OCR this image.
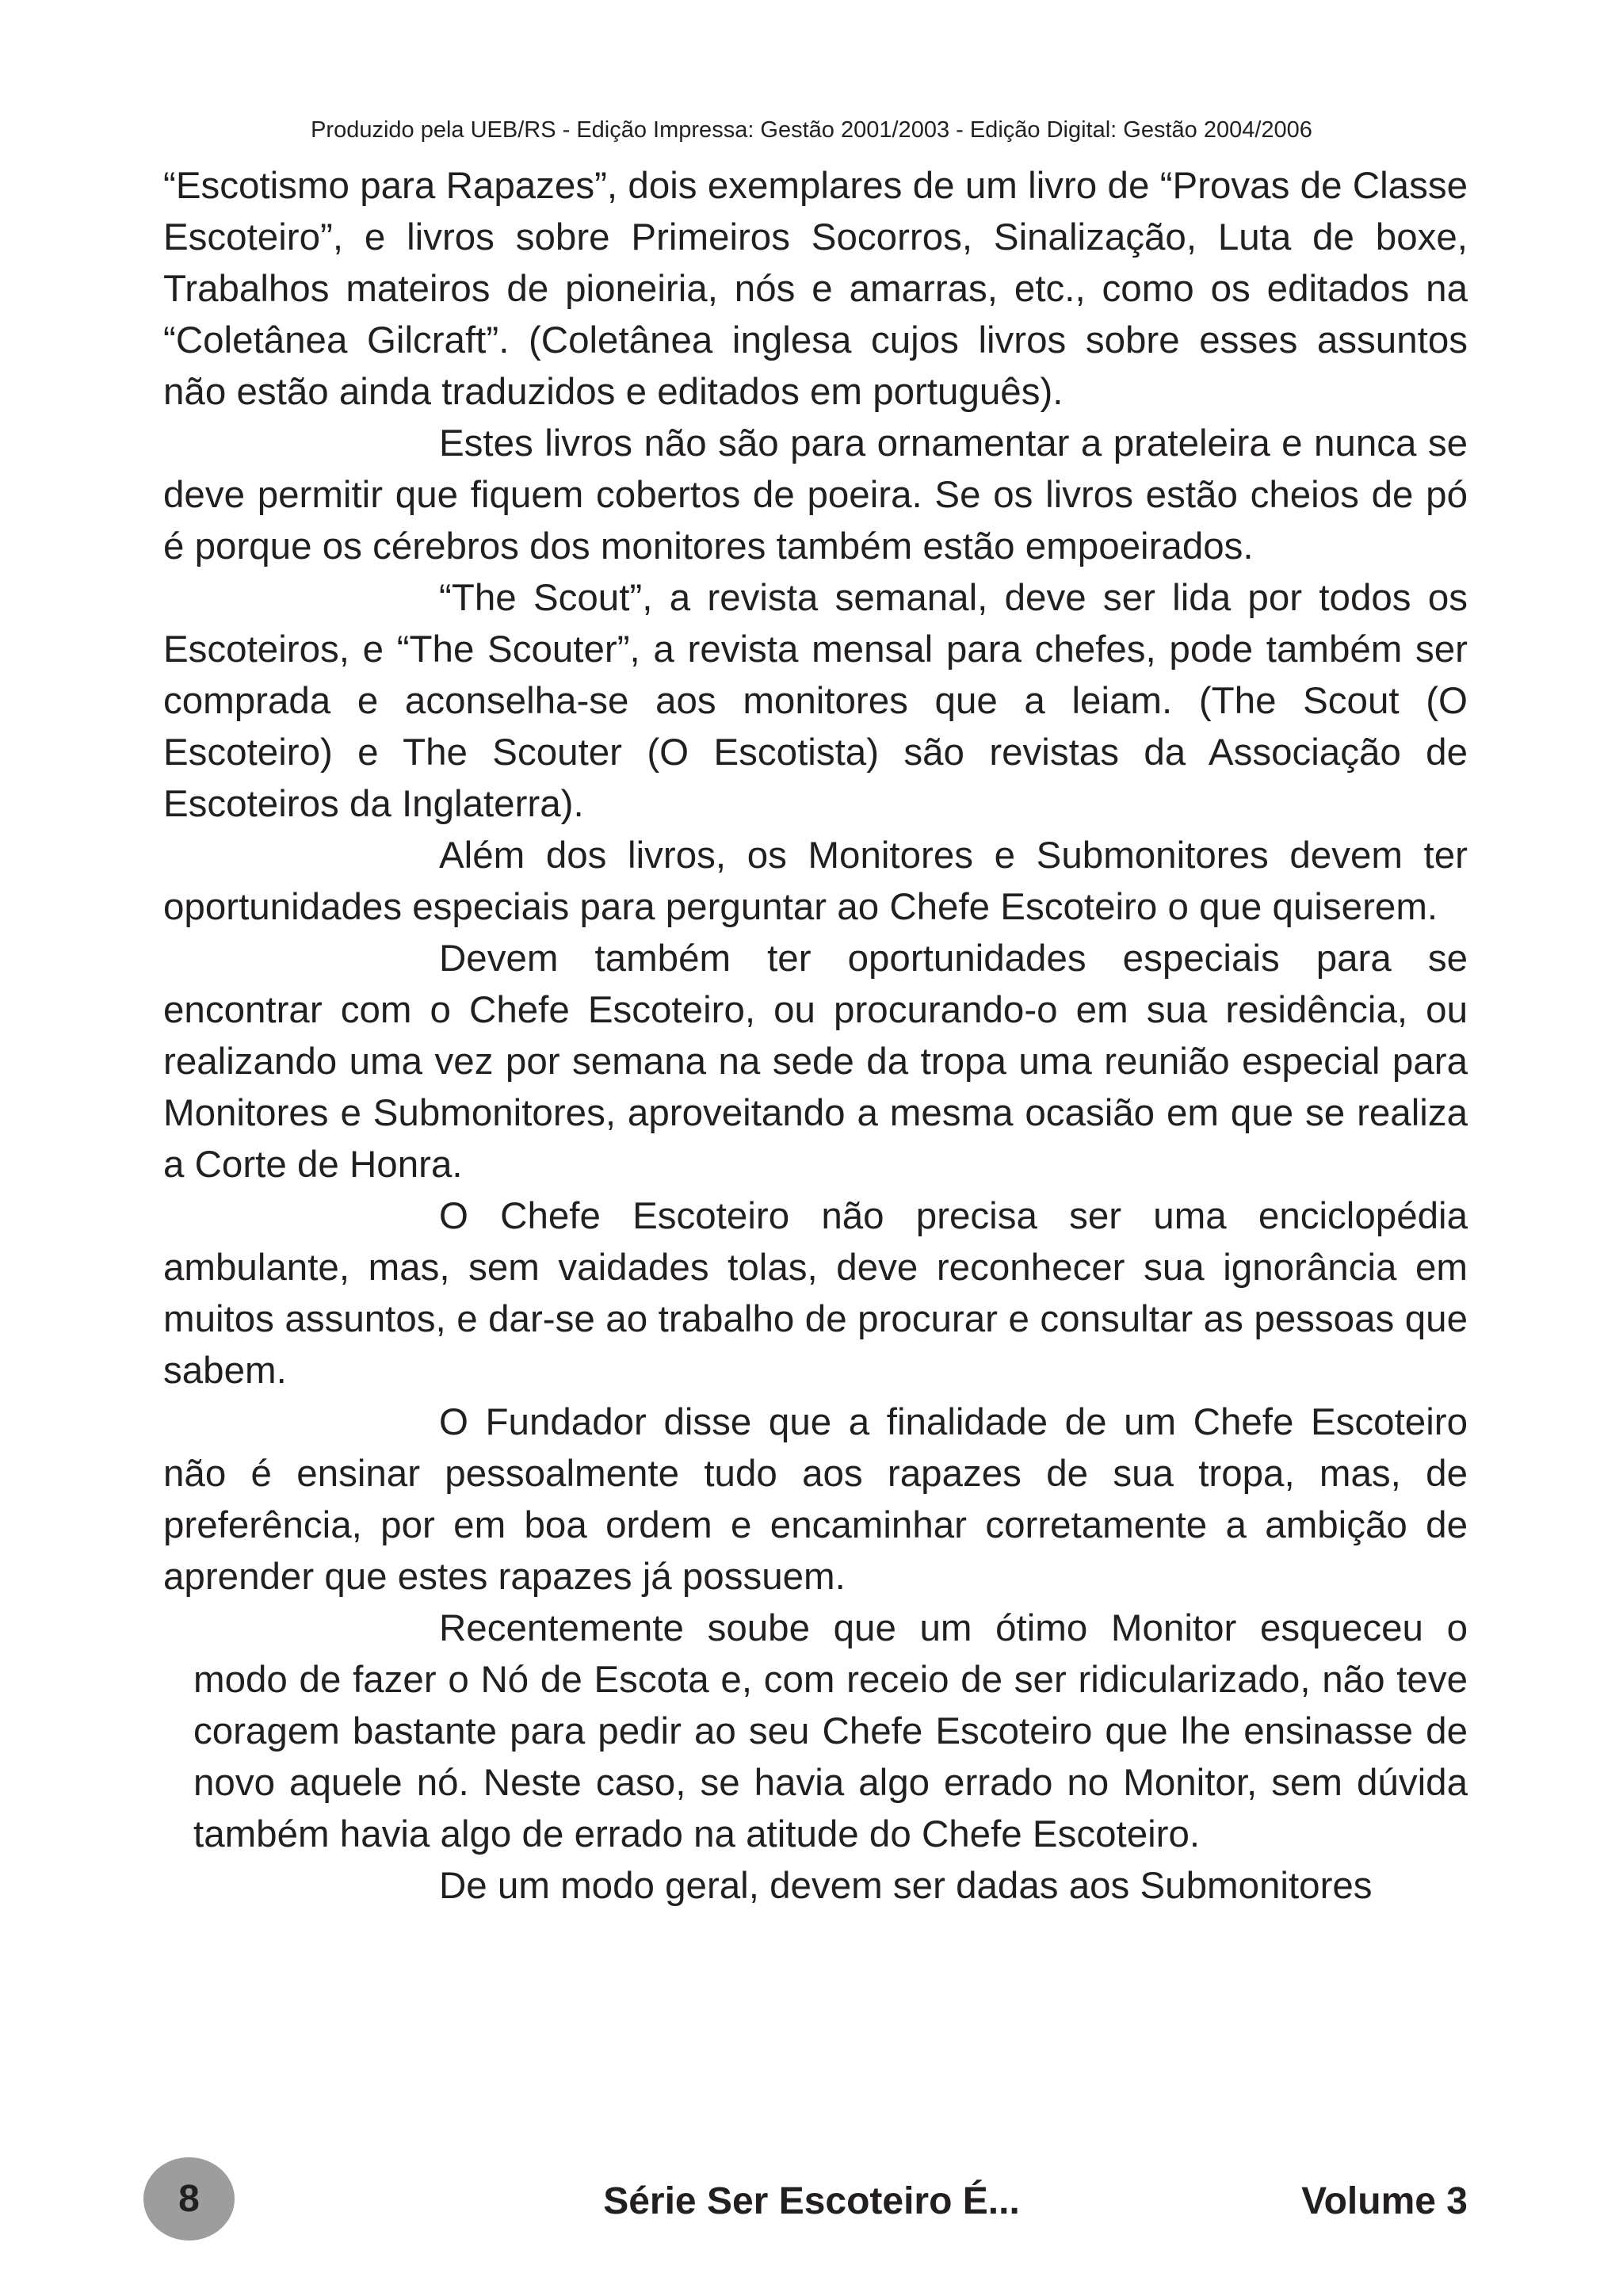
Produzido pela UEB/RS - Edição Impressa: Gestão 2001/2003 - Edição Digital: Gestão 2004/2006

“Escotismo para Rapazes”, dois exemplares de um livro de “Provas de Classe Escoteiro”, e livros sobre Primeiros Socorros, Sinalização, Luta de boxe, Trabalhos mateiros de pioneiria, nós e amarras, etc., como os editados na “Coletânea Gilcraft”. (Coletânea inglesa cujos livros sobre esses assuntos não estão ainda traduzidos e editados em português).

Estes livros não são para ornamentar a prateleira e nunca se deve permitir que fiquem cobertos de poeira. Se os livros estão cheios de pó é porque os cérebros dos monitores também estão empoeirados.

“The Scout”, a revista semanal, deve ser lida por todos os Escoteiros, e “The Scouter”, a revista mensal para chefes, pode também ser comprada e aconselha-se aos monitores que a leiam. (The Scout (O Escoteiro) e The Scouter (O Escotista) são revistas da Associação de Escoteiros da Inglaterra).

Além dos livros, os Monitores e Submonitores devem ter oportunidades especiais para perguntar ao Chefe Escoteiro o que quiserem.

Devem também ter oportunidades especiais para se encontrar com o Chefe Escoteiro, ou procurando-o em sua residência, ou realizando uma vez por semana na sede da tropa uma reunião especial para Monitores e Submonitores, aproveitando a mesma ocasião em que se realiza a Corte de Honra.

O Chefe Escoteiro não precisa ser uma enciclopédia ambulante, mas, sem vaidades tolas, deve reconhecer sua ignorância em muitos assuntos, e dar-se ao trabalho de procurar e consultar as pessoas que sabem.

O Fundador disse que a finalidade de um Chefe Escoteiro não é ensinar pessoalmente tudo aos rapazes de sua tropa, mas, de preferência, por em boa ordem e encaminhar corretamente a ambição de aprender que estes rapazes já possuem.

Recentemente soube que um ótimo Monitor esqueceu o modo de fazer o Nó de Escota e, com receio de ser ridicularizado, não teve coragem bastante para pedir ao seu Chefe Escoteiro que lhe ensinasse de novo aquele nó. Neste caso, se havia algo errado no Monitor, sem dúvida também havia algo de errado na atitude do Chefe Escoteiro.

De um modo geral, devem ser dadas aos Submonitores

8	Série Ser Escoteiro É...	Volume 3
